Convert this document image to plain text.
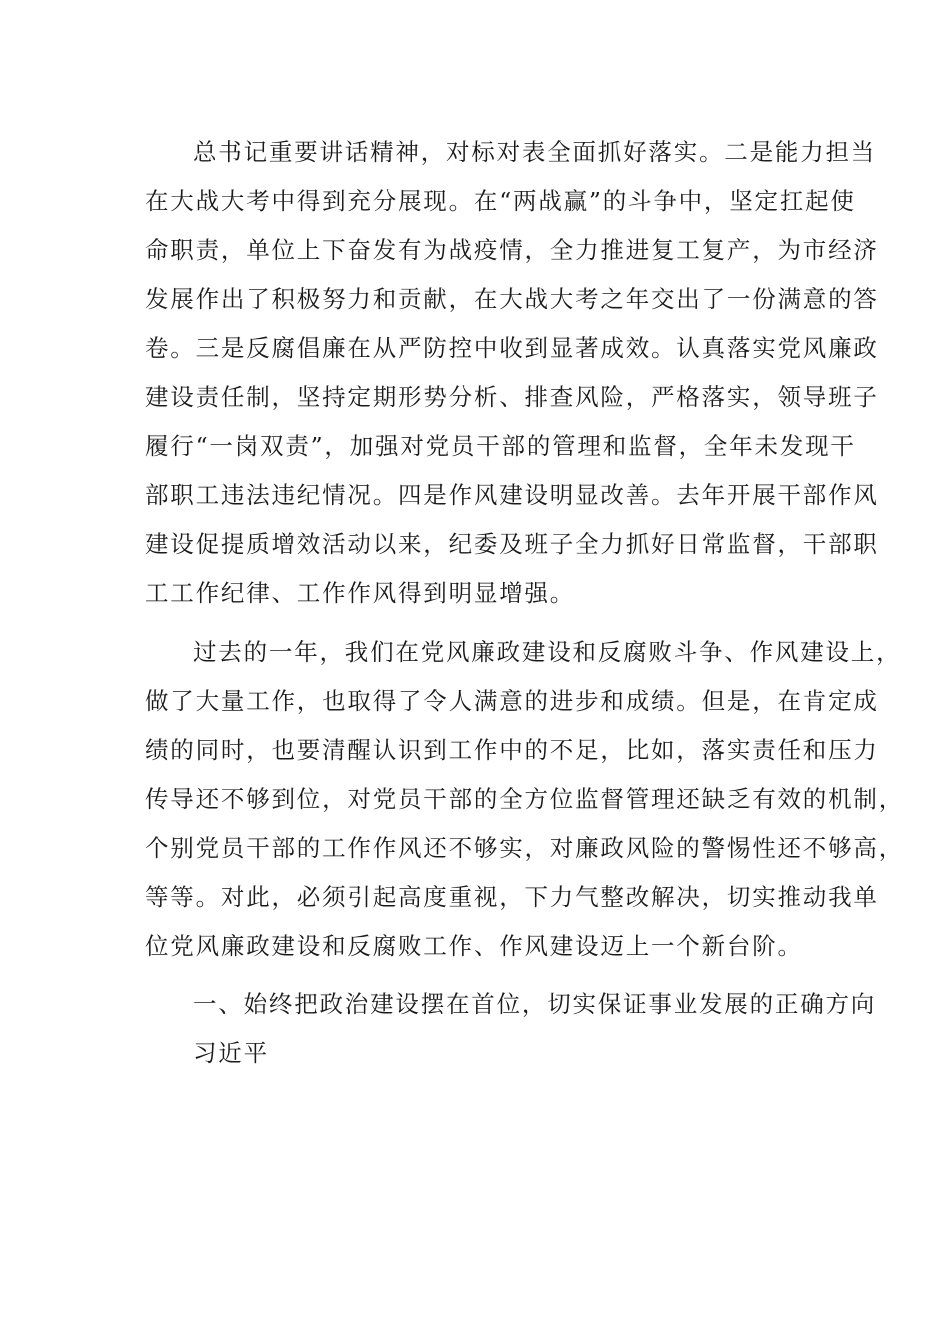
总书记重要讲话精神，对标对表全面抓好落实。二是能力担当
在大战大考中得到充分展现。在“两战赢”的斗争中，坚定扛起使
命职责，单位上下奋发有为战疫情，全力推进复工复产，为市经济
发展作出了积极努力和贡献，在大战大考之年交出了一份满意的答
卷。三是反腐倡廉在从严防控中收到显著成效。认真落实党风廉政
建设责任制，坚持定期形势分析、排查风险，严格落实，领导班子
履行“一岗双责”，加强对党员干部的管理和监督，全年未发现干
部职工违法违纪情况。四是作风建设明显改善。去年开展干部作风
建设促提质增效活动以来，纪委及班子全力抓好日常监督，干部职
工工作纪律、工作作风得到明显增强。
过去的一年，我们在党风廉政建设和反腐败斗争、作风建设上，
做了大量工作，也取得了令人满意的进步和成绩。但是，在肯定成
绩的同时，也要清醒认识到工作中的不足，比如，落实责任和压力
传导还不够到位，对党员干部的全方位监督管理还缺乏有效的机制，
个别党员干部的工作作风还不够实，对廉政风险的警惕性还不够高，
等等。对此，必须引起高度重视，下力气整改解决，切实推动我单
位党风廉政建设和反腐败工作、作风建设迈上一个新台阶。
一、始终把政治建设摆在首位，切实保证事业发展的正确方向
习近平
